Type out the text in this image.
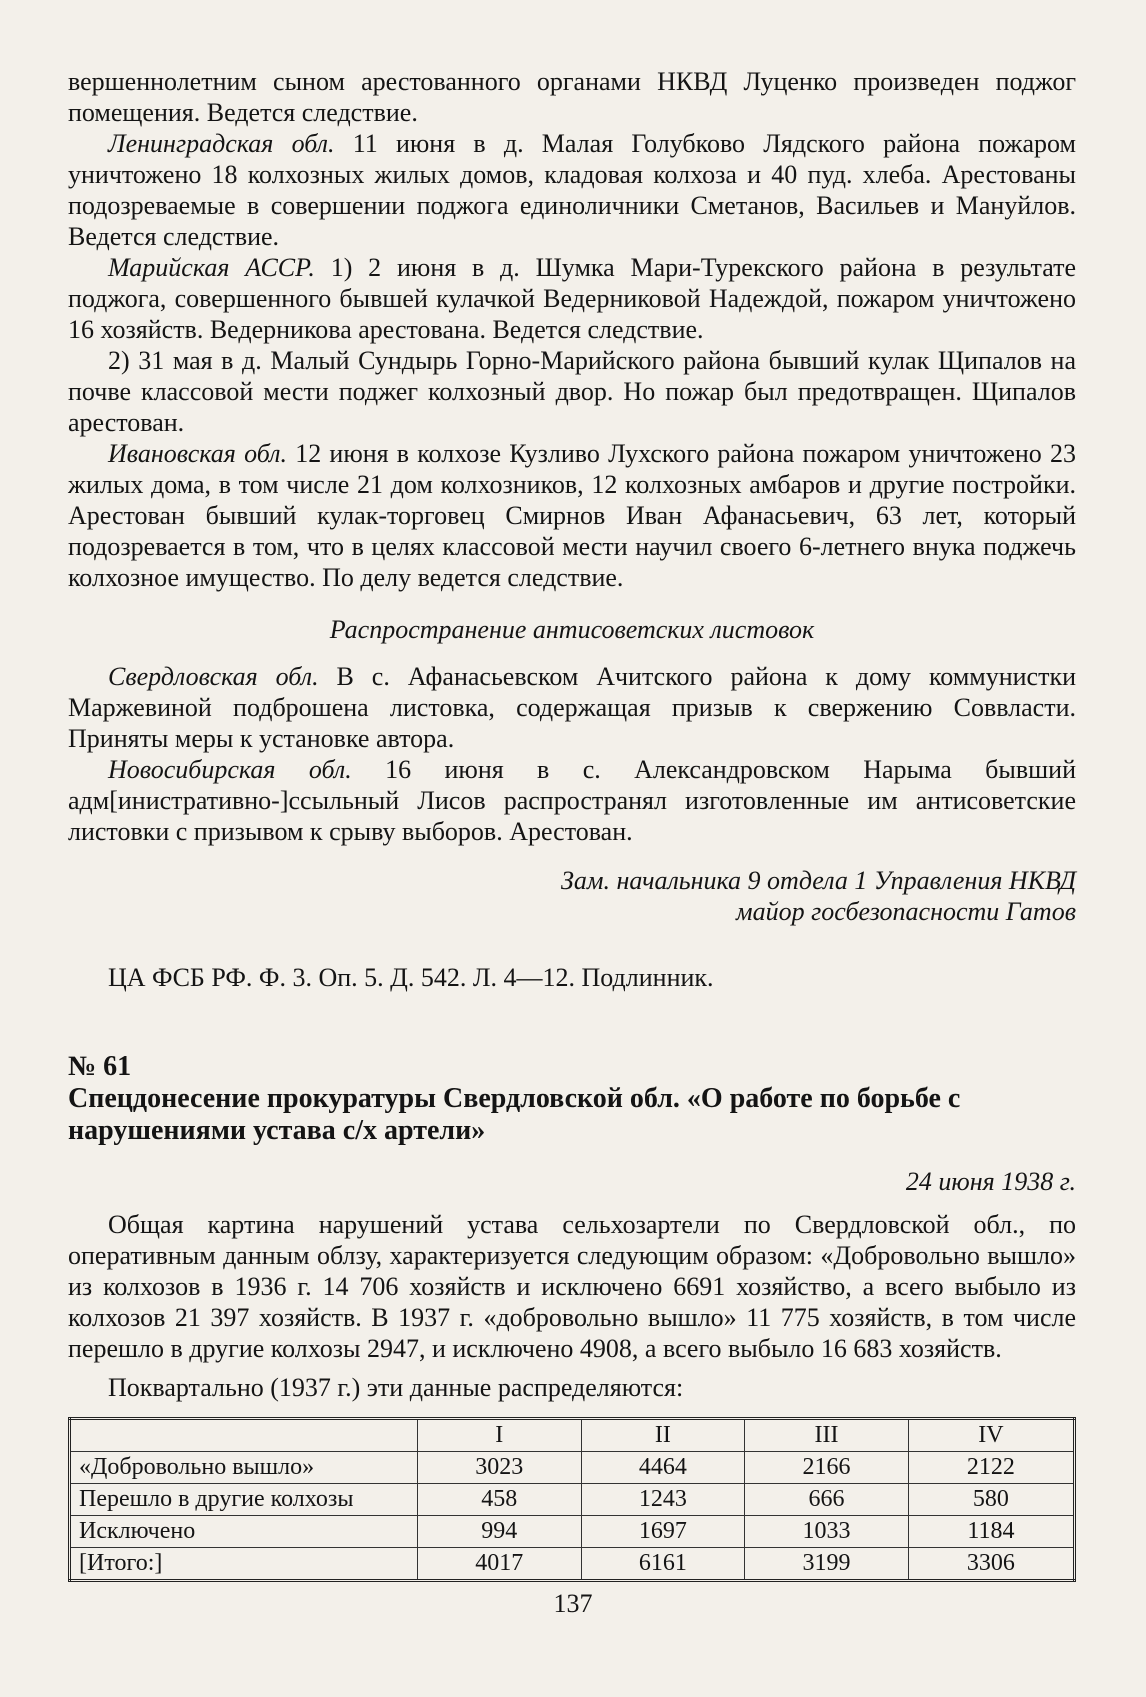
вершеннолетним сыном арестованного органами НКВД Луценко произведен поджог помещения. Ведется следствие.

Ленинградская обл. 11 июня в д. Малая Голубково Лядского района пожаром уничтожено 18 колхозных жилых домов, кладовая колхоза и 40 пуд. хлеба. Арестованы подозреваемые в совершении поджога единоличники Сметанов, Васильев и Мануйлов. Ведется следствие.

Марийская АССР. 1) 2 июня в д. Шумка Мари-Турекского района в результате поджога, совершенного бывшей кулачкой Ведерниковой Надеждой, пожаром уничтожено 16 хозяйств. Ведерникова арестована. Ведется следствие.

2) 31 мая в д. Малый Сундырь Горно-Марийского района бывший кулак Щипалов на почве классовой мести поджег колхозный двор. Но пожар был предотвращен. Щипалов арестован.

Ивановская обл. 12 июня в колхозе Кузливо Лухского района пожаром уничтожено 23 жилых дома, в том числе 21 дом колхозников, 12 колхозных амбаров и другие постройки. Арестован бывший кулак-торговец Смирнов Иван Афанасьевич, 63 лет, который подозревается в том, что в целях классовой мести научил своего 6-летнего внука поджечь колхозное имущество. По делу ведется следствие.

Распространение антисоветских листовок

Свердловская обл. В с. Афанасьевском Ачитского района к дому коммунистки Маржевиной подброшена листовка, содержащая призыв к свержению Соввласти. Приняты меры к установке автора.

Новосибирская обл. 16 июня в с. Александровском Нарыма бывший адм[инистративно-]ссыльный Лисов распространял изготовленные им антисоветские листовки с призывом к срыву выборов. Арестован.

Зам. начальника 9 отдела 1 Управления НКВД
майор госбезопасности Гатов
ЦА ФСБ РФ. Ф. 3. Оп. 5. Д. 542. Л. 4—12. Подлинник.
№ 61
Спецдонесение прокуратуры Свердловской обл. «О работе по борьбе с нарушениями устава с/х артели»
24 июня 1938 г.

Общая картина нарушений устава сельхозартели по Свердловской обл., по оперативным данным облзу, характеризуется следующим образом: «Добровольно вышло» из колхозов в 1936 г. 14 706 хозяйств и исключено 6691 хозяйство, а всего выбыло из колхозов 21 397 хозяйств. В 1937 г. «добровольно вышло» 11 775 хозяйств, в том числе перешло в другие колхозы 2947, и исключено 4908, а всего выбыло 16 683 хозяйств.

Поквартально (1937 г.) эти данные распределяются:

	I	II	III	IV
«Добровольно вышло»	3023	4464	2166	2122
Перешло в другие колхозы	458	1243	666	580
Исключено	994	1697	1033	1184
[Итого:]	4017	6161	3199	3306
137
